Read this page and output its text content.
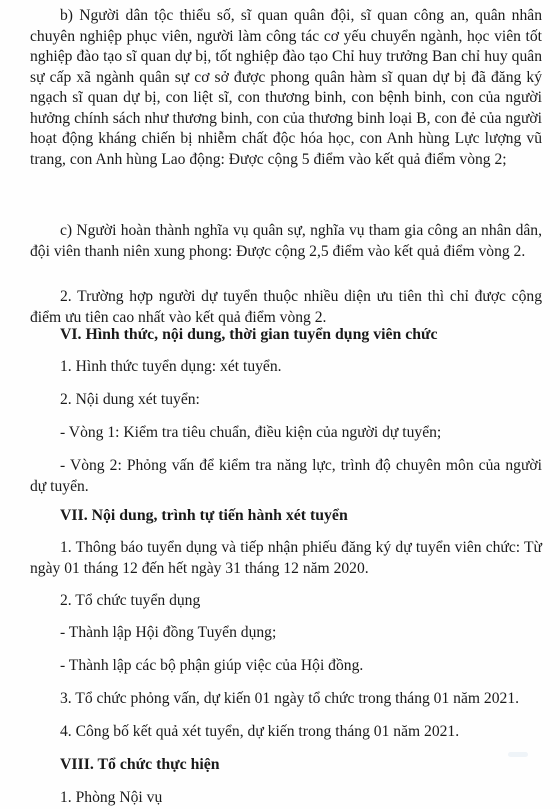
b) Người dân tộc thiểu số, sĩ quan quân đội, sĩ quan công an, quân nhân chuyên nghiệp phục viên, người làm công tác cơ yếu chuyển ngành, học viên tốt nghiệp đào tạo sĩ quan dự bị, tốt nghiệp đào tạo Chỉ huy trưởng Ban chỉ huy quân sự cấp xã ngành quân sự cơ sở được phong quân hàm sĩ quan dự bị đã đăng ký ngạch sĩ quan dự bị, con liệt sĩ, con thương binh, con bệnh binh, con của người hưởng chính sách như thương binh, con của thương binh loại B, con đẻ của người hoạt động kháng chiến bị nhiễm chất độc hóa học, con Anh hùng Lực lượng vũ trang, con Anh hùng Lao động: Được cộng 5 điểm vào kết quả điểm vòng 2;

c) Người hoàn thành nghĩa vụ quân sự, nghĩa vụ tham gia công an nhân dân, đội viên thanh niên xung phong: Được cộng 2,5 điểm vào kết quả điểm vòng 2.

2. Trường hợp người dự tuyển thuộc nhiều diện ưu tiên thì chỉ được cộng điểm ưu tiên cao nhất vào kết quả điểm vòng 2.

VI. Hình thức, nội dung, thời gian tuyển dụng viên chức

1. Hình thức tuyển dụng: xét tuyển.

2. Nội dung xét tuyển:

- Vòng 1: Kiểm tra tiêu chuẩn, điều kiện của người dự tuyển;

- Vòng 2: Phỏng vấn để kiểm tra năng lực, trình độ chuyên môn của người dự tuyển.

VII. Nội dung, trình tự tiến hành xét tuyển

1. Thông báo tuyển dụng và tiếp nhận phiếu đăng ký dự tuyển viên chức: Từ ngày 01 tháng 12 đến hết ngày 31 tháng 12 năm 2020.

2. Tổ chức tuyển dụng

- Thành lập Hội đồng Tuyển dụng;

- Thành lập các bộ phận giúp việc của Hội đồng.

3. Tổ chức phỏng vấn, dự kiến 01 ngày tổ chức trong tháng 01 năm 2021.

4. Công bố kết quả xét tuyển, dự kiến trong tháng 01 năm 2021.

VIII. Tổ chức thực hiện

1. Phòng Nội vụ
